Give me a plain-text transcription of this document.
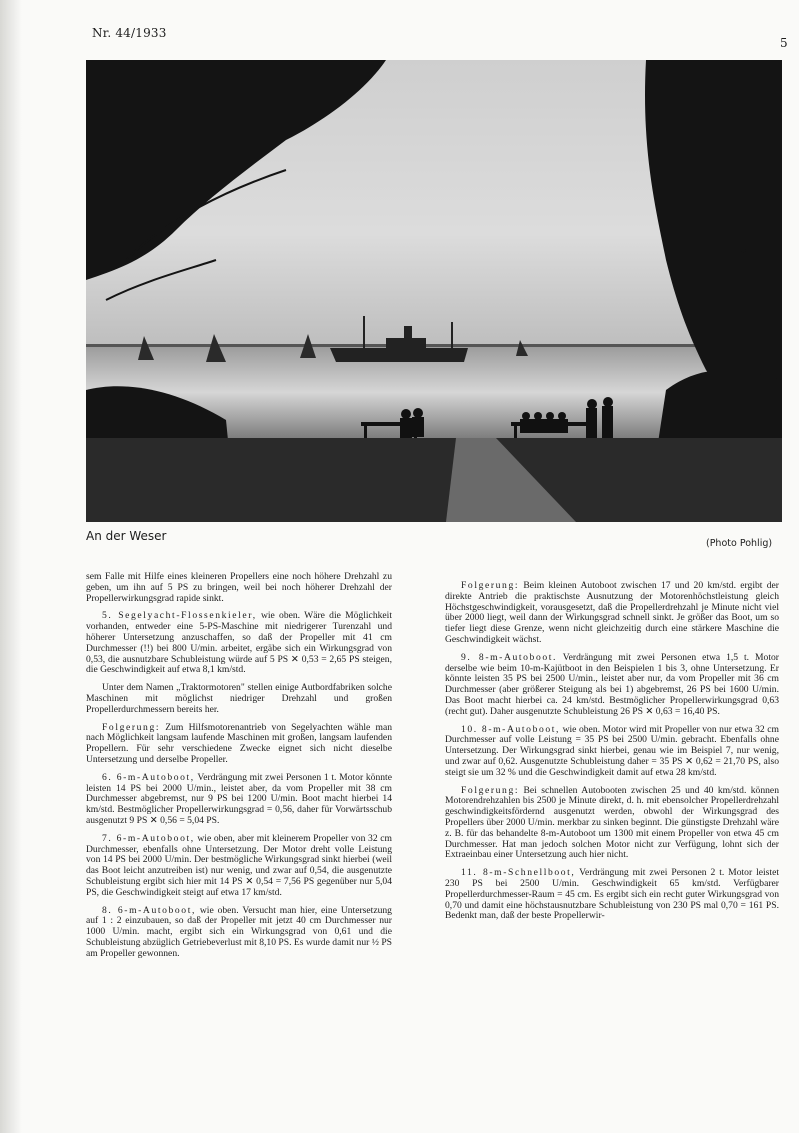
Nr. 44/1933
5
An der Weser
(Photo Pohlig)

sem Falle mit Hilfe eines kleineren Propellers eine noch höhere Drehzahl zu geben, um ihn auf 5 PS zu bringen, weil bei noch höherer Drehzahl der Propellerwirkungsgrad rapide sinkt.

5. Segelyacht-Flossenkieler, wie oben. Wäre die Möglichkeit vorhanden, entweder eine 5-PS-Maschine mit niedrigerer Turenzahl und höherer Untersetzung anzuschaffen, so daß der Propeller mit 41 cm Durchmesser (!!) bei 800 U/min. arbeitet, ergäbe sich ein Wirkungsgrad von 0,53, die ausnutzbare Schubleistung würde auf 5 PS ✕ 0,53 = 2,65 PS steigen, die Geschwindigkeit auf etwa 8,1 km/std.

Unter dem Namen „Traktormotoren" stellen einige Autbordfabriken solche Maschinen mit möglichst niedriger Drehzahl und großen Propellerdurchmessern bereits her.

Folgerung: Zum Hilfsmotorenantrieb von Segelyachten wähle man nach Möglichkeit langsam laufende Maschinen mit großen, langsam laufenden Propellern. Für sehr verschiedene Zwecke eignet sich nicht dieselbe Untersetzung und derselbe Propeller.

6. 6-m-Autoboot, Verdrängung mit zwei Personen 1 t. Motor könnte leisten 14 PS bei 2000 U/min., leistet aber, da vom Propeller mit 38 cm Durchmesser abgebremst, nur 9 PS bei 1200 U/min. Boot macht hierbei 14 km/std. Bestmöglicher Propellerwirkungsgrad = 0,56, daher für Vorwärtsschub ausgenutzt 9 PS ✕ 0,56 = 5,04 PS.

7. 6-m-Autoboot, wie oben, aber mit kleinerem Propeller von 32 cm Durchmesser, ebenfalls ohne Untersetzung. Der Motor dreht volle Leistung von 14 PS bei 2000 U/min. Der bestmögliche Wirkungsgrad sinkt hierbei (weil das Boot leicht anzutreiben ist) nur wenig, und zwar auf 0,54, die ausgenutzte Schubleistung ergibt sich hier mit 14 PS ✕ 0,54 = 7,56 PS gegenüber nur 5,04 PS, die Geschwindigkeit steigt auf etwa 17 km/std.

8. 6-m-Autoboot, wie oben. Versucht man hier, eine Untersetzung auf 1 : 2 einzubauen, so daß der Propeller mit jetzt 40 cm Durchmesser nur 1000 U/min. macht, ergibt sich ein Wirkungsgrad von 0,61 und die Schubleistung abzüglich Getriebeverlust mit 8,10 PS. Es wurde damit nur ½ PS am Propeller gewonnen.

Folgerung: Beim kleinen Autoboot zwischen 17 und 20 km/std. ergibt der direkte Antrieb die praktischste Ausnutzung der Motorenhöchstleistung gleich Höchstgeschwindigkeit, vorausgesetzt, daß die Propellerdrehzahl je Minute nicht viel über 2000 liegt, weil dann der Wirkungsgrad schnell sinkt. Je größer das Boot, um so tiefer liegt diese Grenze, wenn nicht gleichzeitig durch eine stärkere Maschine die Geschwindigkeit wächst.

9. 8-m-Autoboot. Verdrängung mit zwei Personen etwa 1,5 t. Motor derselbe wie beim 10-m-Kajütboot in den Beispielen 1 bis 3, ohne Untersetzung. Er könnte leisten 35 PS bei 2500 U/min., leistet aber nur, da vom Propeller mit 36 cm Durchmesser (aber größerer Steigung als bei 1) abgebremst, 26 PS bei 1600 U/min. Das Boot macht hierbei ca. 24 km/std. Bestmöglicher Propellerwirkungsgrad 0,63 (recht gut). Daher ausgenutzte Schubleistung 26 PS ✕ 0,63 = 16,40 PS.

10. 8-m-Autoboot, wie oben. Motor wird mit Propeller von nur etwa 32 cm Durchmesser auf volle Leistung = 35 PS bei 2500 U/min. gebracht. Ebenfalls ohne Untersetzung. Der Wirkungsgrad sinkt hierbei, genau wie im Beispiel 7, nur wenig, und zwar auf 0,62. Ausgenutzte Schubleistung daher = 35 PS ✕ 0,62 = 21,70 PS, also steigt sie um 32 % und die Geschwindigkeit damit auf etwa 28 km/std.

Folgerung: Bei schnellen Autobooten zwischen 25 und 40 km/std. können Motorendrehzahlen bis 2500 je Minute direkt, d. h. mit ebensolcher Propellerdrehzahl geschwindigkeitsfördernd ausgenutzt werden, obwohl der Wirkungsgrad des Propellers über 2000 U/min. merkbar zu sinken beginnt. Die günstigste Drehzahl wäre z. B. für das behandelte 8-m-Autoboot um 1300 mit einem Propeller von etwa 45 cm Durchmesser. Hat man jedoch solchen Motor nicht zur Verfügung, lohnt sich der Extraeinbau einer Untersetzung auch hier nicht.

11. 8-m-Schnellboot, Verdrängung mit zwei Personen 2 t. Motor leistet 230 PS bei 2500 U/min. Geschwindigkeit 65 km/std. Verfügbarer Propellerdurchmesser-Raum = 45 cm. Es ergibt sich ein recht guter Wirkungsgrad von 0,70 und damit eine höchstausnutzbare Schubleistung von 230 PS mal 0,70 = 161 PS. Bedenkt man, daß der beste Propellerwir-
